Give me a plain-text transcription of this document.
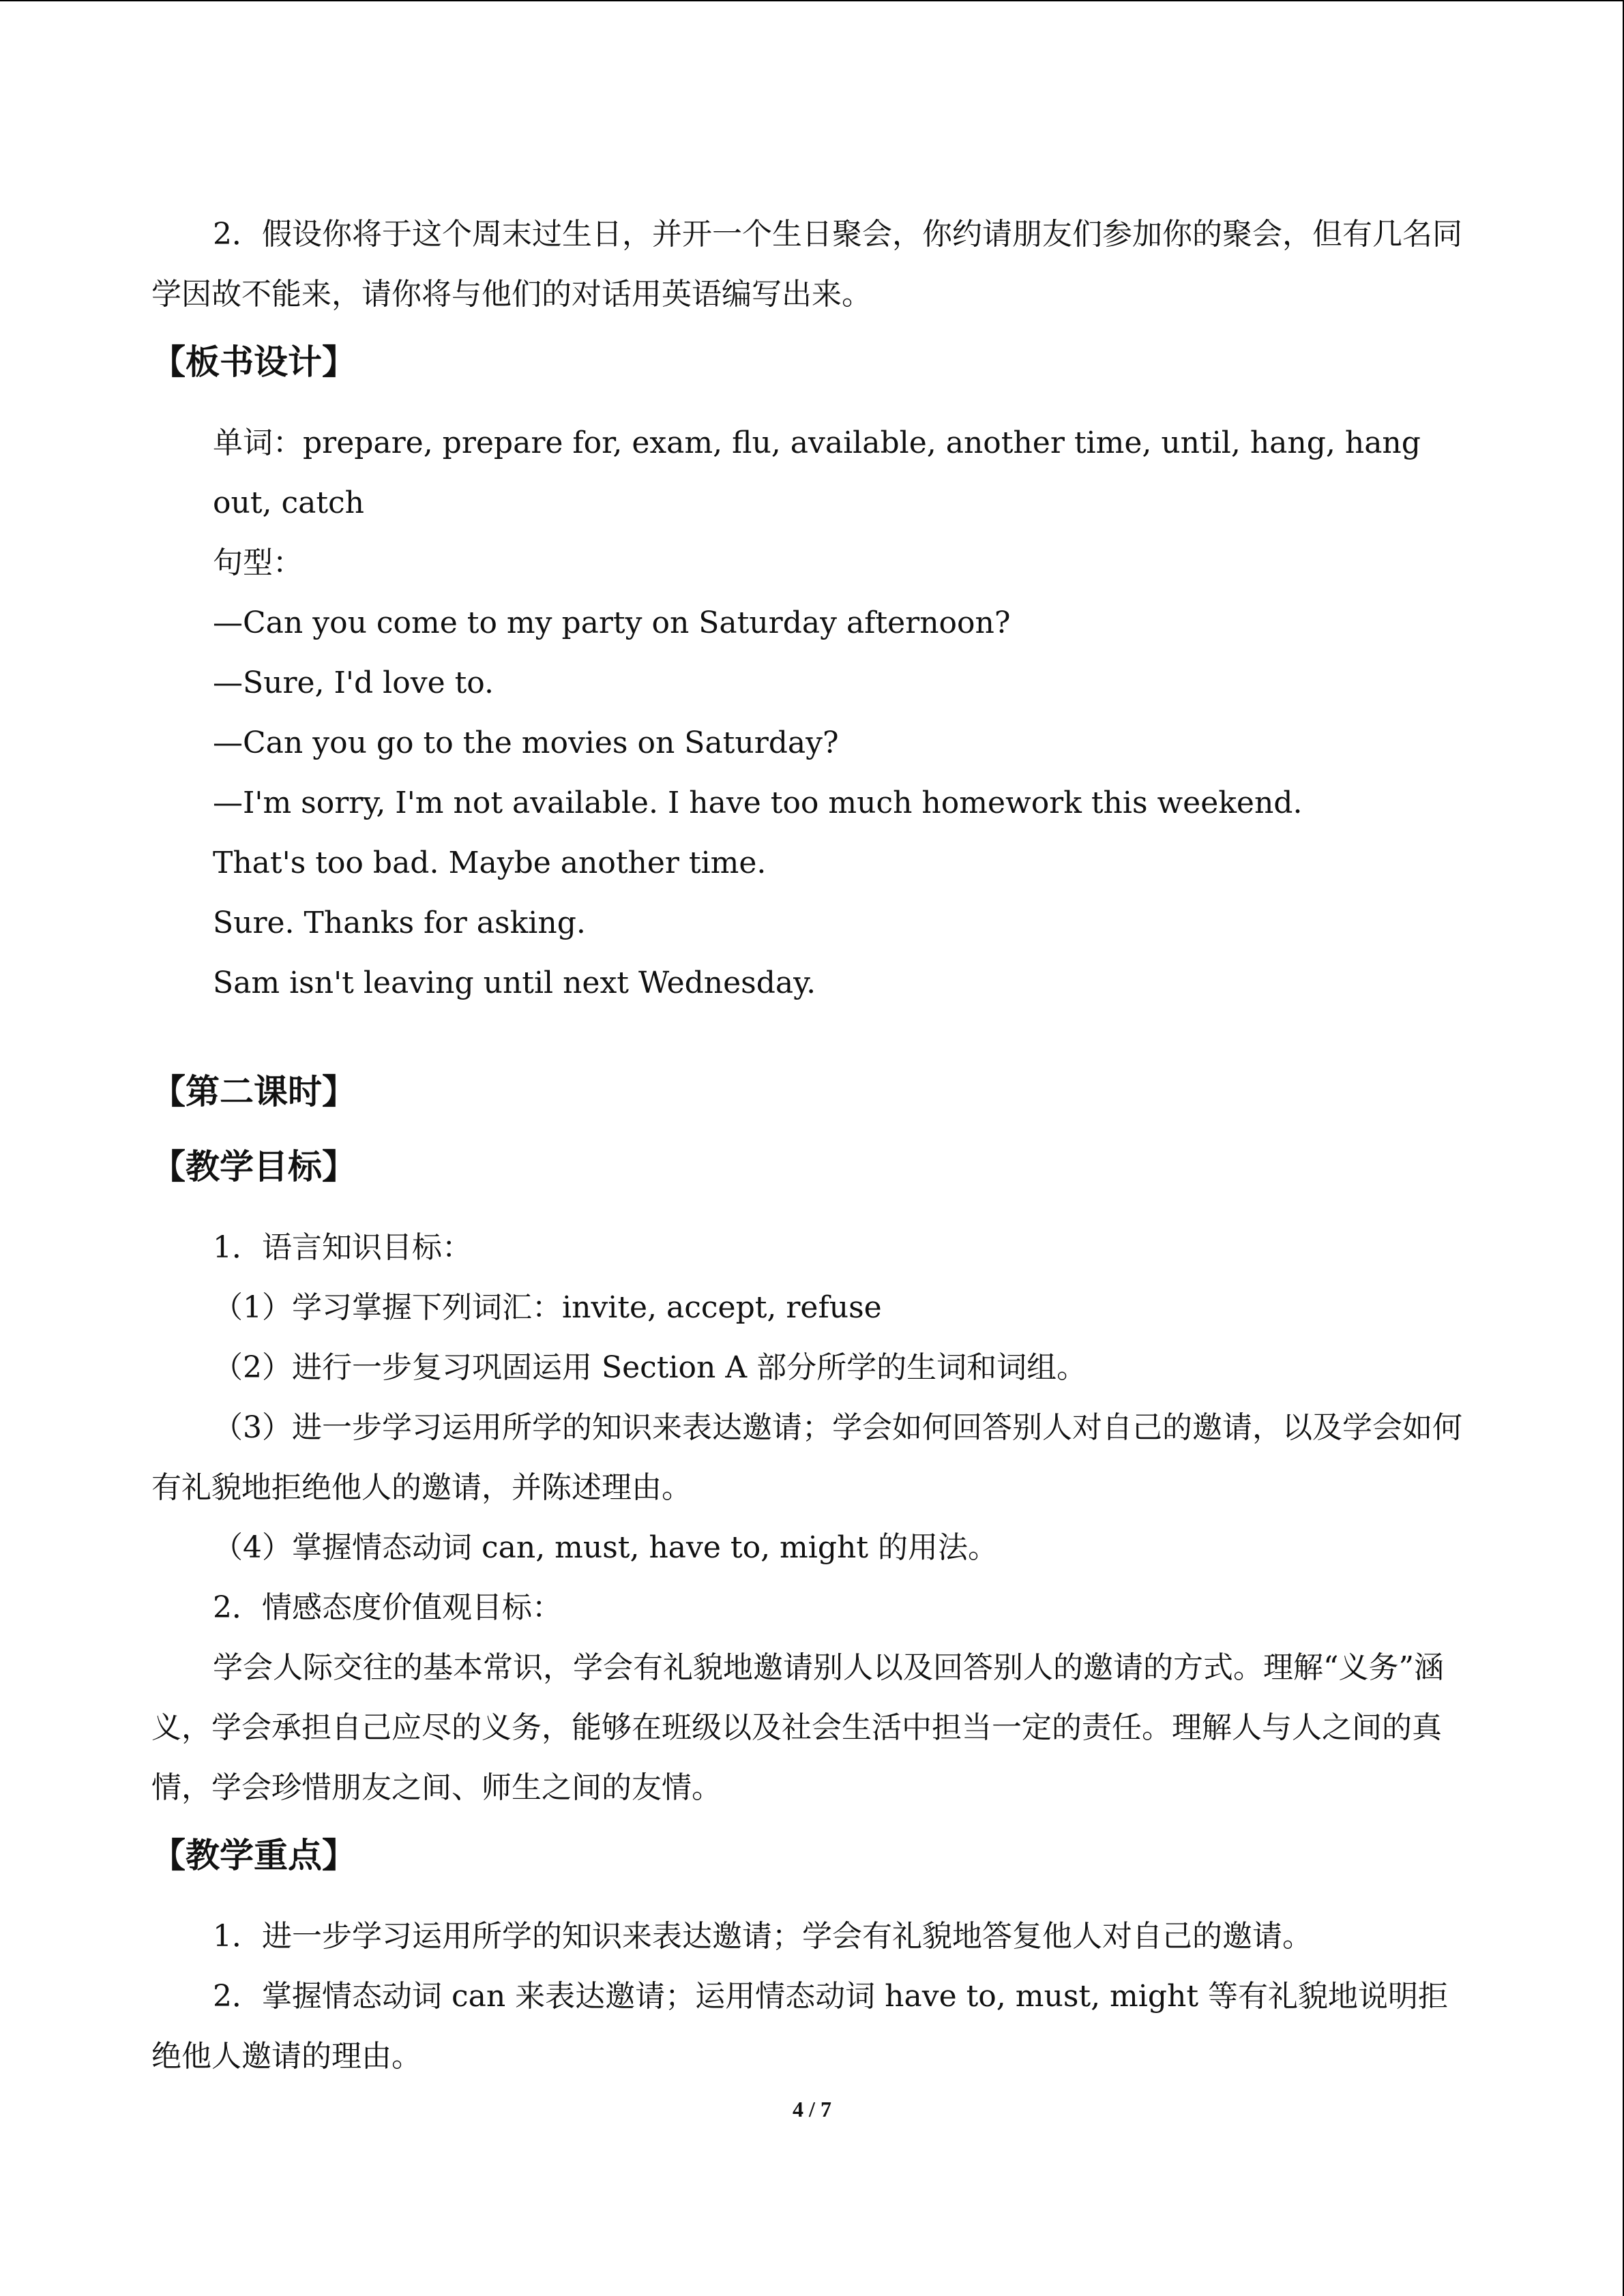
2．假设你将于这个周末过生日，并开一个生日聚会，你约请朋友们参加你的聚会，但有几名同学因故不能来，请你将与他们的对话用英语编写出来。

【板书设计】

单词：prepare, prepare for, exam, flu, available, another time, until, hang, hang out, catch

句型：

—Can you come to my party on Saturday afternoon?

—Sure, I'd love to.

—Can you go to the movies on Saturday?

—I'm sorry, I'm not available. I have too much homework this weekend.

That's too bad. Maybe another time.

Sure. Thanks for asking.

Sam isn't leaving until next Wednesday.

【第二课时】

【教学目标】

1．语言知识目标：

（1）学习掌握下列词汇：invite, accept, refuse

（2）进行一步复习巩固运用 Section A 部分所学的生词和词组。

（3）进一步学习运用所学的知识来表达邀请；学会如何回答别人对自己的邀请，以及学会如何有礼貌地拒绝他人的邀请，并陈述理由。

（4）掌握情态动词 can, must, have to, might 的用法。

2．情感态度价值观目标：

学会人际交往的基本常识，学会有礼貌地邀请别人以及回答别人的邀请的方式。理解“义务”涵义，学会承担自己应尽的义务，能够在班级以及社会生活中担当一定的责任。理解人与人之间的真情，学会珍惜朋友之间、师生之间的友情。

【教学重点】

1．进一步学习运用所学的知识来表达邀请；学会有礼貌地答复他人对自己的邀请。

2．掌握情态动词 can 来表达邀请；运用情态动词 have to, must, might 等有礼貌地说明拒绝他人邀请的理由。

4 / 7
